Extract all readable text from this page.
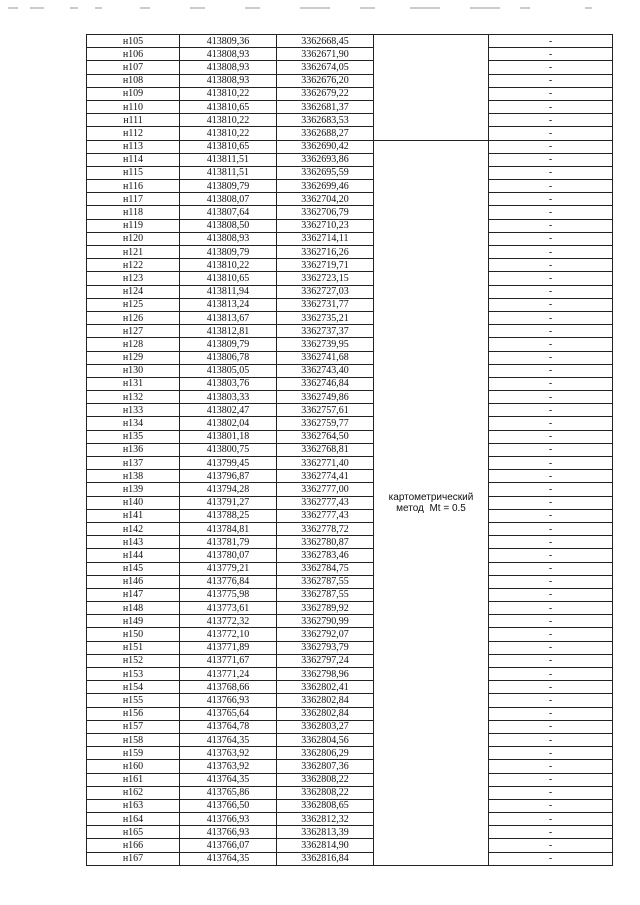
н105	413809,36	3362668,45		-
н106	413808,93	3362671,90		-
н107	413808,93	3362674,05		-
н108	413808,93	3362676,20		-
н109	413810,22	3362679,22		-
н110	413810,65	3362681,37		-
н111	413810,22	3362683,53		-
н112	413810,22	3362688,27		-
н113	413810,65	3362690,42	картометрический
метод  Mt = 0.5	-
н114	413811,51	3362693,86		-
н115	413811,51	3362695,59		-
н116	413809,79	3362699,46		-
н117	413808,07	3362704,20		-
н118	413807,64	3362706,79		-
н119	413808,50	3362710,23		-
н120	413808,93	3362714,11		-
н121	413809,79	3362716,26		-
н122	413810,22	3362719,71		-
н123	413810,65	3362723,15		-
н124	413811,94	3362727,03		-
н125	413813,24	3362731,77		-
н126	413813,67	3362735,21		-
н127	413812,81	3362737,37		-
н128	413809,79	3362739,95		-
н129	413806,78	3362741,68		-
н130	413805,05	3362743,40		-
н131	413803,76	3362746,84		-
н132	413803,33	3362749,86		-
н133	413802,47	3362757,61		-
н134	413802,04	3362759,77		-
н135	413801,18	3362764,50		-
н136	413800,75	3362768,81		-
н137	413799,45	3362771,40		-
н138	413796,87	3362774,41		-
н139	413794,28	3362777,00		-
н140	413791,27	3362777,43		-
н141	413788,25	3362777,43		-
н142	413784,81	3362778,72		-
н143	413781,79	3362780,87		-
н144	413780,07	3362783,46		-
н145	413779,21	3362784,75		-
н146	413776,84	3362787,55		-
н147	413775,98	3362787,55		-
н148	413773,61	3362789,92		-
н149	413772,32	3362790,99		-
н150	413772,10	3362792,07		-
н151	413771,89	3362793,79		-
н152	413771,67	3362797,24		-
н153	413771,24	3362798,96		-
н154	413768,66	3362802,41		-
н155	413766,93	3362802,84		-
н156	413765,64	3362802,84		-
н157	413764,78	3362803,27		-
н158	413764,35	3362804,56		-
н159	413763,92	3362806,29		-
н160	413763,92	3362807,36		-
н161	413764,35	3362808,22		-
н162	413765,86	3362808,22		-
н163	413766,50	3362808,65		-
н164	413766,93	3362812,32		-
н165	413766,93	3362813,39		-
н166	413766,07	3362814,90		-
н167	413764,35	3362816,84		-
